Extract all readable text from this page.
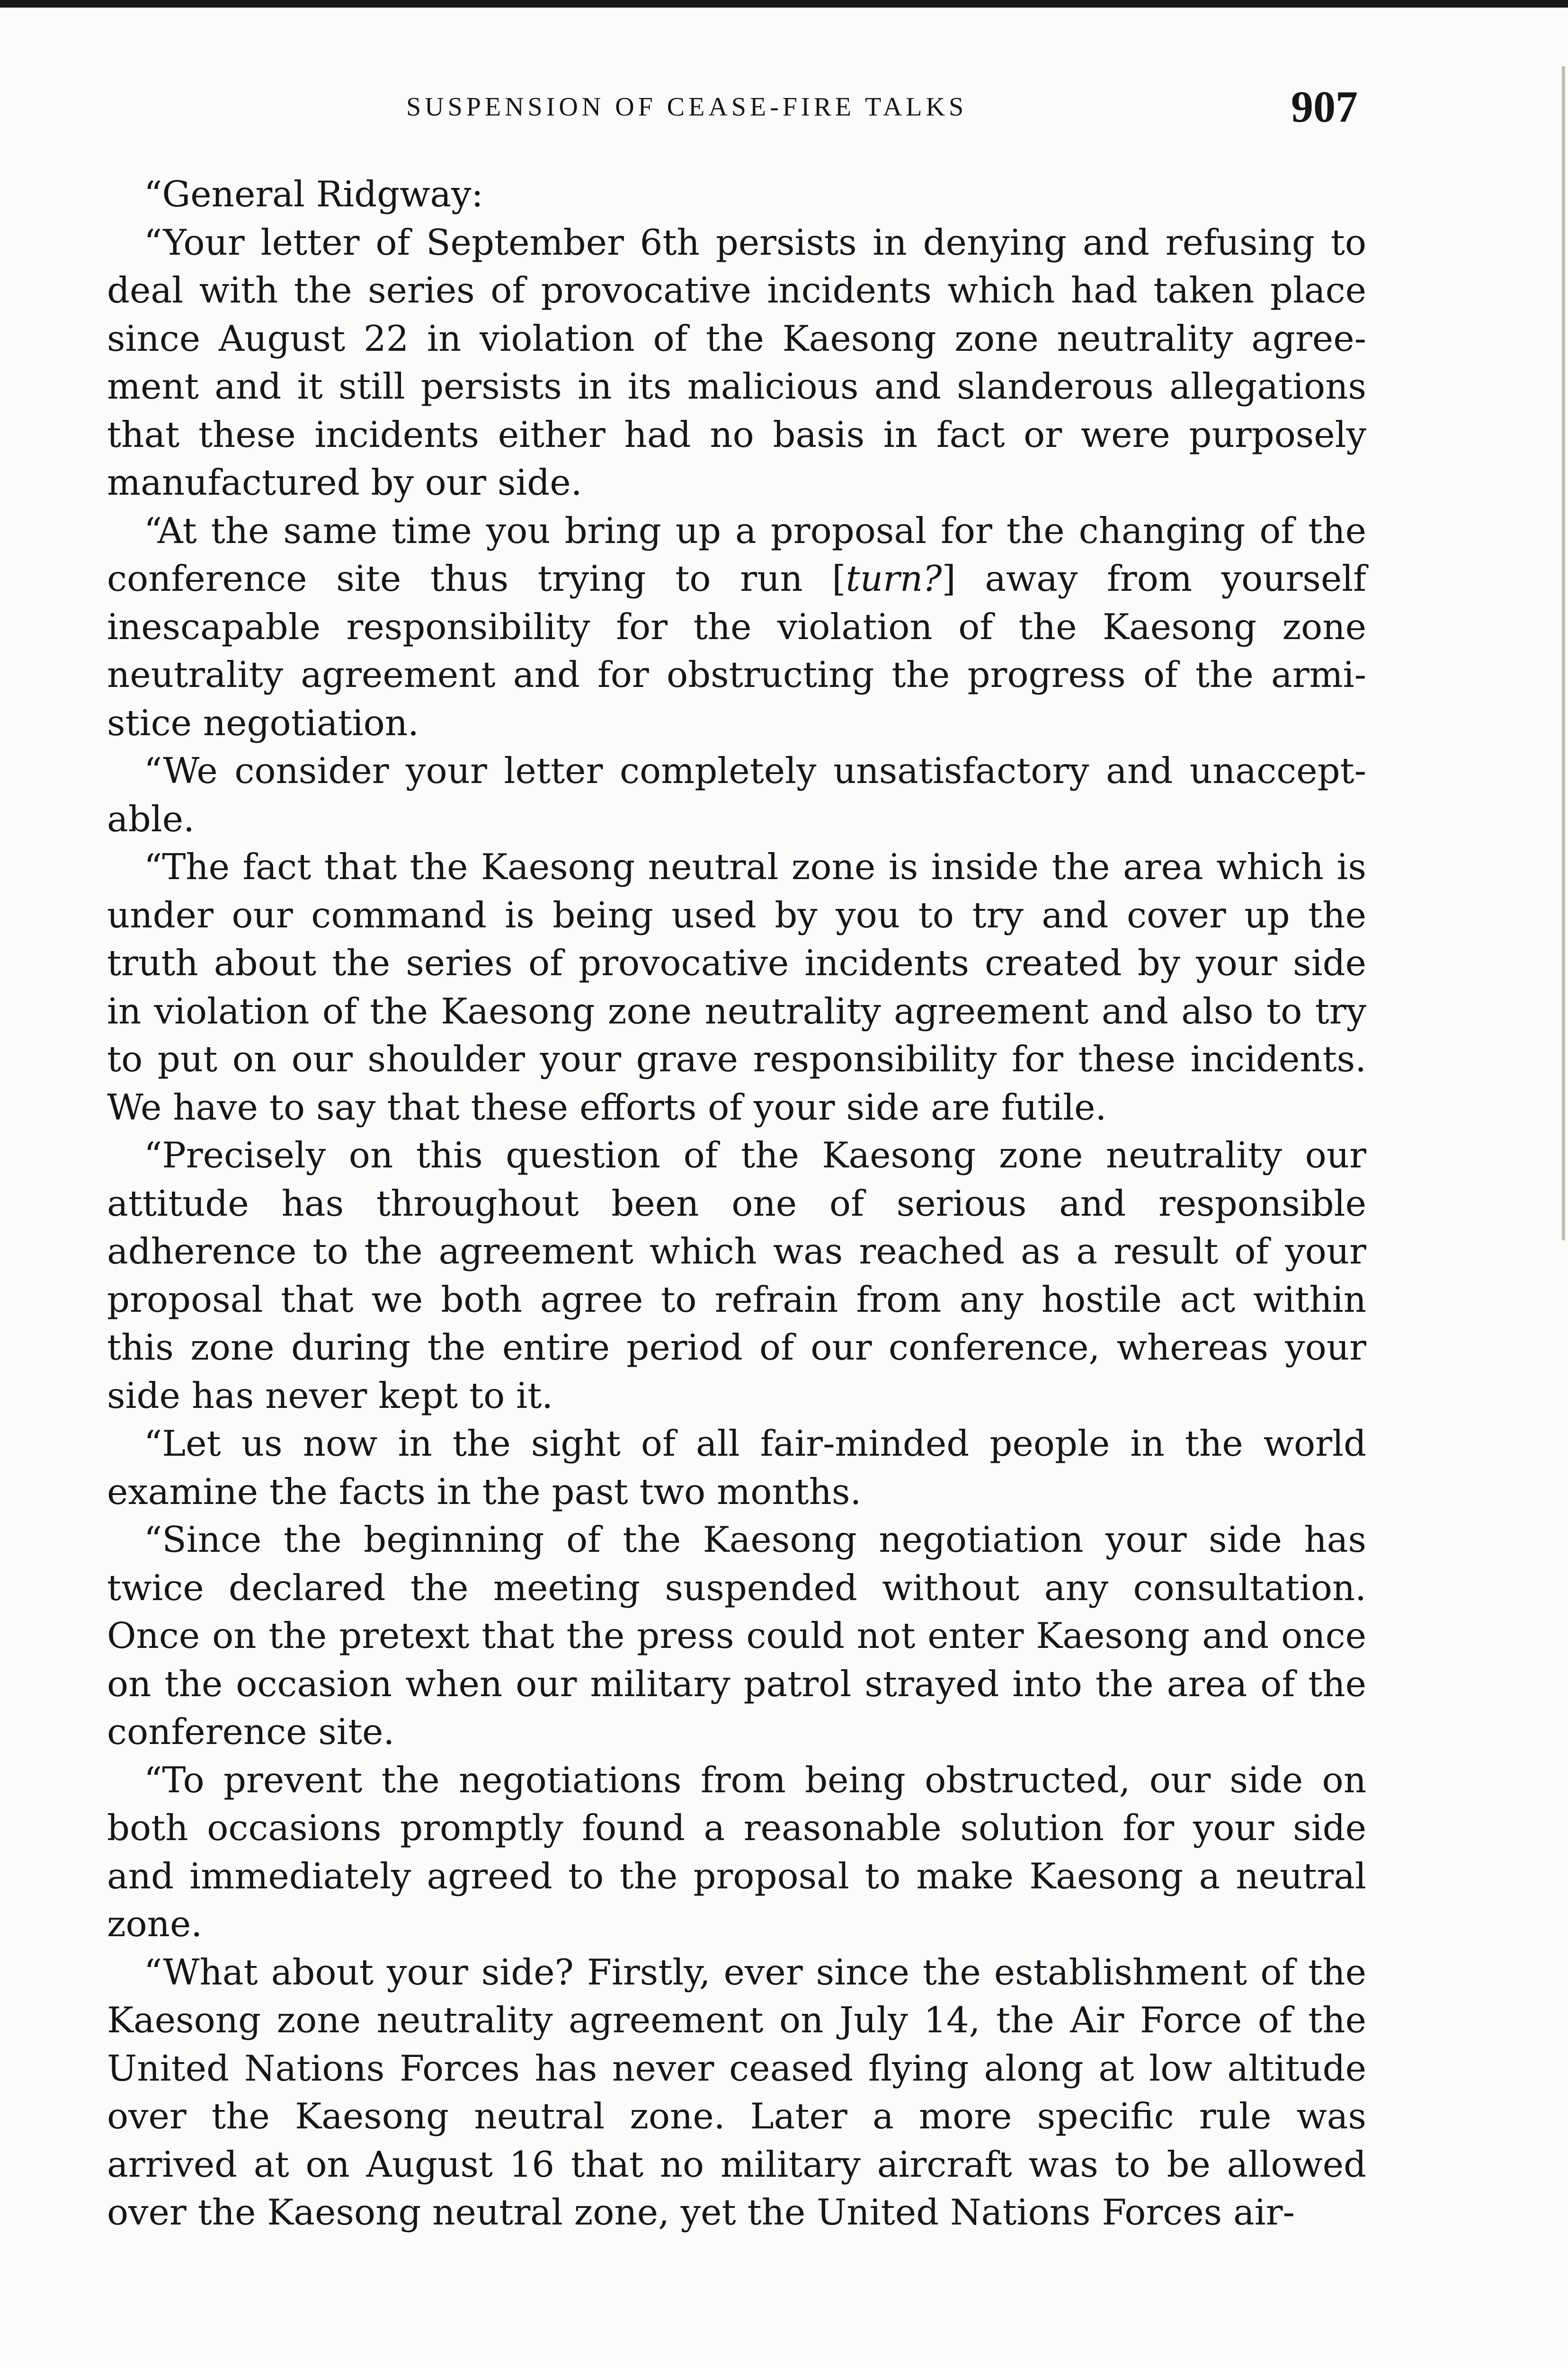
SUSPENSION OF CEASE-FIRE TALKS	907

“General Ridgway:

“Your letter of September 6th persists in denying and refusing to deal with the series of provocative incidents which had taken place since August 22 in violation of the Kaesong zone neutrality agreement and it still persists in its malicious and slanderous allegations that these incidents either had no basis in fact or were purposely manufactured by our side.

“At the same time you bring up a proposal for the changing of the conference site thus trying to run [turn?] away from yourself inescapable responsibility for the violation of the Kaesong zone neutrality agreement and for obstructing the progress of the armistice negotiation.

“We consider your letter completely unsatisfactory and unacceptable.

“The fact that the Kaesong neutral zone is inside the area which is under our command is being used by you to try and cover up the truth about the series of provocative incidents created by your side in violation of the Kaesong zone neutrality agreement and also to try to put on our shoulder your grave responsibility for these incidents. We have to say that these efforts of your side are futile.

“Precisely on this question of the Kaesong zone neutrality our attitude has throughout been one of serious and responsible adherence to the agreement which was reached as a result of your proposal that we both agree to refrain from any hostile act within this zone during the entire period of our conference, whereas your side has never kept to it.

“Let us now in the sight of all fair-minded people in the world examine the facts in the past two months.

“Since the beginning of the Kaesong negotiation your side has twice declared the meeting suspended without any consultation. Once on the pretext that the press could not enter Kaesong and once on the occasion when our military patrol strayed into the area of the conference site.

“To prevent the negotiations from being obstructed, our side on both occasions promptly found a reasonable solution for your side and immediately agreed to the proposal to make Kaesong a neutral zone.

“What about your side? Firstly, ever since the establishment of the Kaesong zone neutrality agreement on July 14, the Air Force of the United Nations Forces has never ceased flying along at low altitude over the Kaesong neutral zone. Later a more specific rule was arrived at on August 16 that no military aircraft was to be allowed over the Kaesong neutral zone, yet the United Nations Forces air-
